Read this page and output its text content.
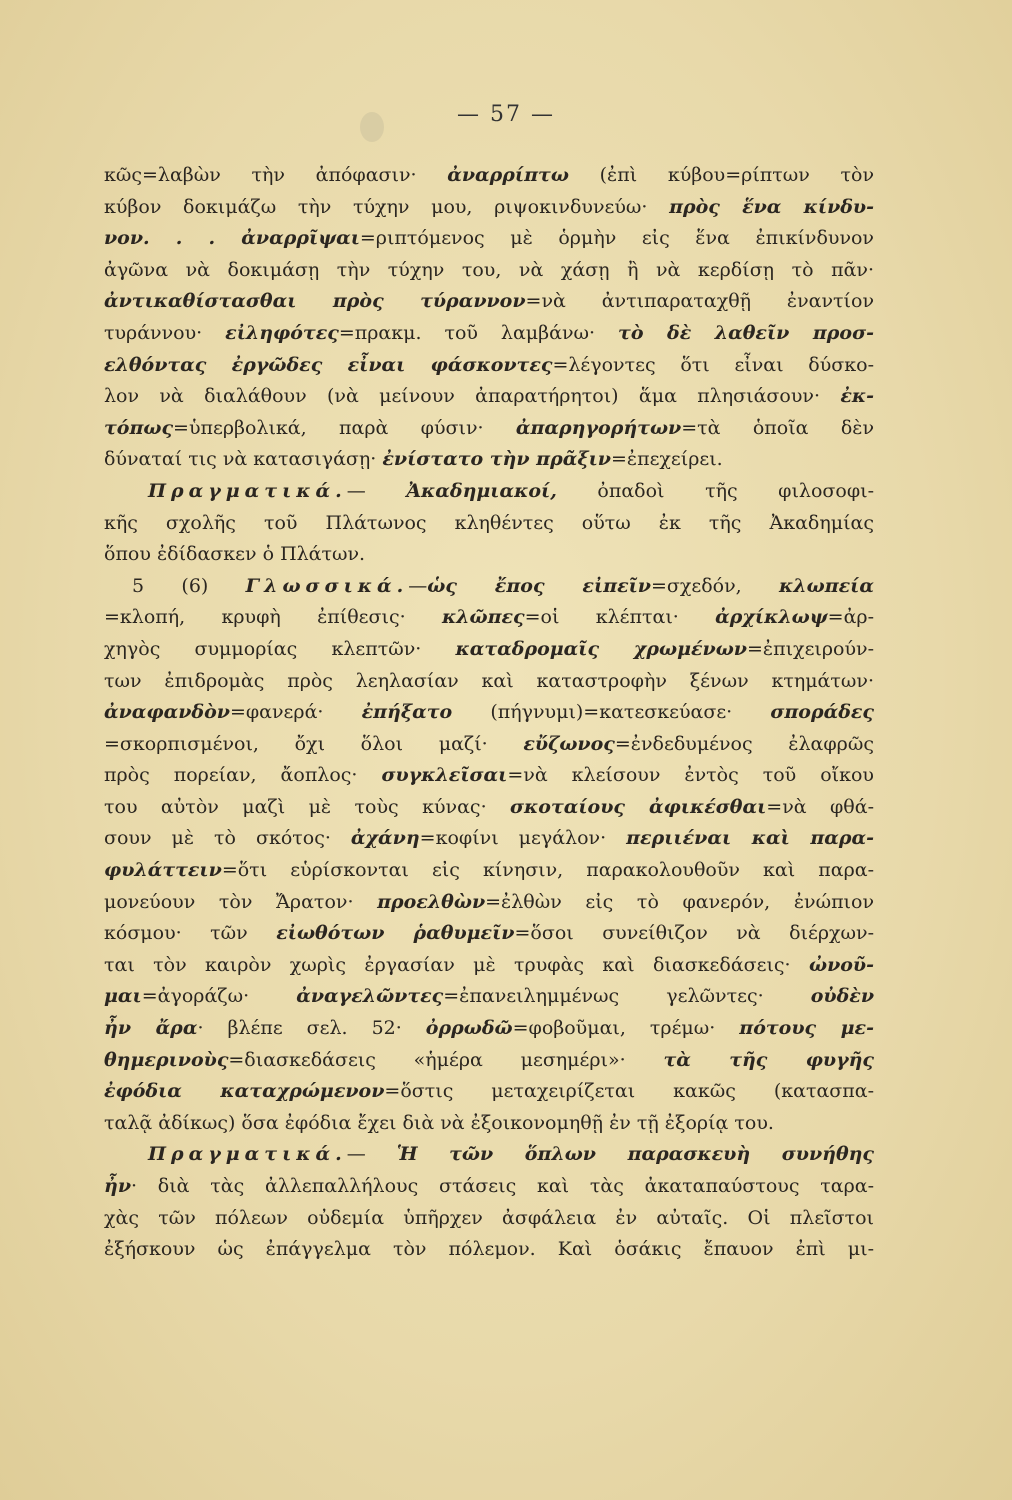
— 57 —
κῶς=λαβὼν τὴν ἀπόφασιν· ἀναρρίπτω (ἐπὶ κύβου=ρίπτων τὸν
κύβον δοκιμάζω τὴν τύχην μου, ριψοκινδυνεύω· πρὸς ἕνα κίνδυ-
νον. . . ἀναρρῖψαι=ριπτόμενος μὲ ὁρμὴν εἰς ἕνα ἐπικίνδυνον
ἀγῶνα νὰ δοκιμάσῃ τὴν τύχην του, νὰ χάσῃ ἢ νὰ κερδίσῃ τὸ πᾶν·
ἀντικαθίστασθαι πρὸς τύραννον=νὰ ἀντιπαραταχθῇ ἐναντίον
τυράννου· εἰληφότες=πρακμ. τοῦ λαμβάνω· τὸ δὲ λαθεῖν προσ-
ελθόντας ἐργῶδες εἶναι φάσκοντες=λέγοντες ὅτι εἶναι δύσκο-
λον νὰ διαλάθουν (νὰ μείνουν ἀπαρατήρητοι) ἅμα πλησιάσουν· ἐκ-
τόπως=ὑπερβολικά, παρὰ φύσιν· ἀπαρηγορήτων=τὰ ὁποῖα δὲν
δύναταί τις νὰ κατασιγάσῃ· ἐνίστατο τὴν πρᾶξιν=ἐπεχείρει.
Πραγματικά.— Ἀκαδημιακοί, ὀπαδοὶ τῆς φιλοσοφι-
κῆς σχολῆς τοῦ Πλάτωνος κληθέντες οὕτω ἐκ τῆς Ἀκαδημίας
ὅπου ἐδίδασκεν ὁ Πλάτων.
5 (6) Γλωσσικά.—ὡς ἔπος εἰπεῖν=σχεδόν, κλωπεία
=κλοπή, κρυφὴ ἐπίθεσις· κλῶπες=οἱ κλέπται· ἀρχίκλωψ=ἀρ-
χηγὸς συμμορίας κλεπτῶν· καταδρομαῖς χρωμένων=ἐπιχειρούν-
των ἐπιδρομὰς πρὸς λεηλασίαν καὶ καταστροφὴν ξένων κτημάτων·
ἀναφανδὸν=φανερά· ἐπήξατο (πήγνυμι)=κατεσκεύασε· σποράδες
=σκορπισμένοι, ὄχι ὅλοι μαζί· εὔζωνος=ἐνδεδυμένος ἐλαφρῶς
πρὸς πορείαν, ἄοπλος· συγκλεῖσαι=νὰ κλείσουν ἐντὸς τοῦ οἴκου
του αὐτὸν μαζὶ μὲ τοὺς κύνας· σκοταίους ἀφικέσθαι=νὰ φθά-
σουν μὲ τὸ σκότος· ἀχάνη=κοφίνι μεγάλον· περιιέναι καὶ παρα-
φυλάττειν=ὅτι εὑρίσκονται εἰς κίνησιν, παρακολουθοῦν καὶ παρα-
μονεύουν τὸν Ἄρατον· προελθὼν=ἐλθὼν εἰς τὸ φανερόν, ἐνώπιον
κόσμου· τῶν εἰωθότων ῥαθυμεῖν=ὅσοι συνείθιζον νὰ διέρχων-
ται τὸν καιρὸν χωρὶς ἐργασίαν μὲ τρυφὰς καὶ διασκεδάσεις· ὠνοῦ-
μαι=ἀγοράζω· ἀναγελῶντες=ἐπανειλημμένως γελῶντες· οὐδὲν
ἦν ἄρα· βλέπε σελ. 52· ὀρρωδῶ=φοβοῦμαι, τρέμω· πότους με-
θημερινοὺς=διασκεδάσεις «ἡμέρα μεσημέρι»· τὰ τῆς φυγῆς
ἐφόδια καταχρώμενον=ὅστις μεταχειρίζεται κακῶς (κατασπα-
ταλᾷ ἀδίκως) ὅσα ἐφόδια ἔχει διὰ νὰ ἐξοικονομηθῇ ἐν τῇ ἐξορίᾳ του.
Πραγματικά.— Ἡ τῶν ὅπλων παρασκευὴ συνήθης
ἦν· διὰ τὰς ἀλλεπαλλήλους στάσεις καὶ τὰς ἀκαταπαύστους ταρα-
χὰς τῶν πόλεων οὐδεμία ὑπῆρχεν ἀσφάλεια ἐν αὐταῖς. Οἱ πλεῖστοι
ἐξήσκουν ὡς ἐπάγγελμα τὸν πόλεμον. Καὶ ὁσάκις ἔπαυον ἐπὶ μι-
